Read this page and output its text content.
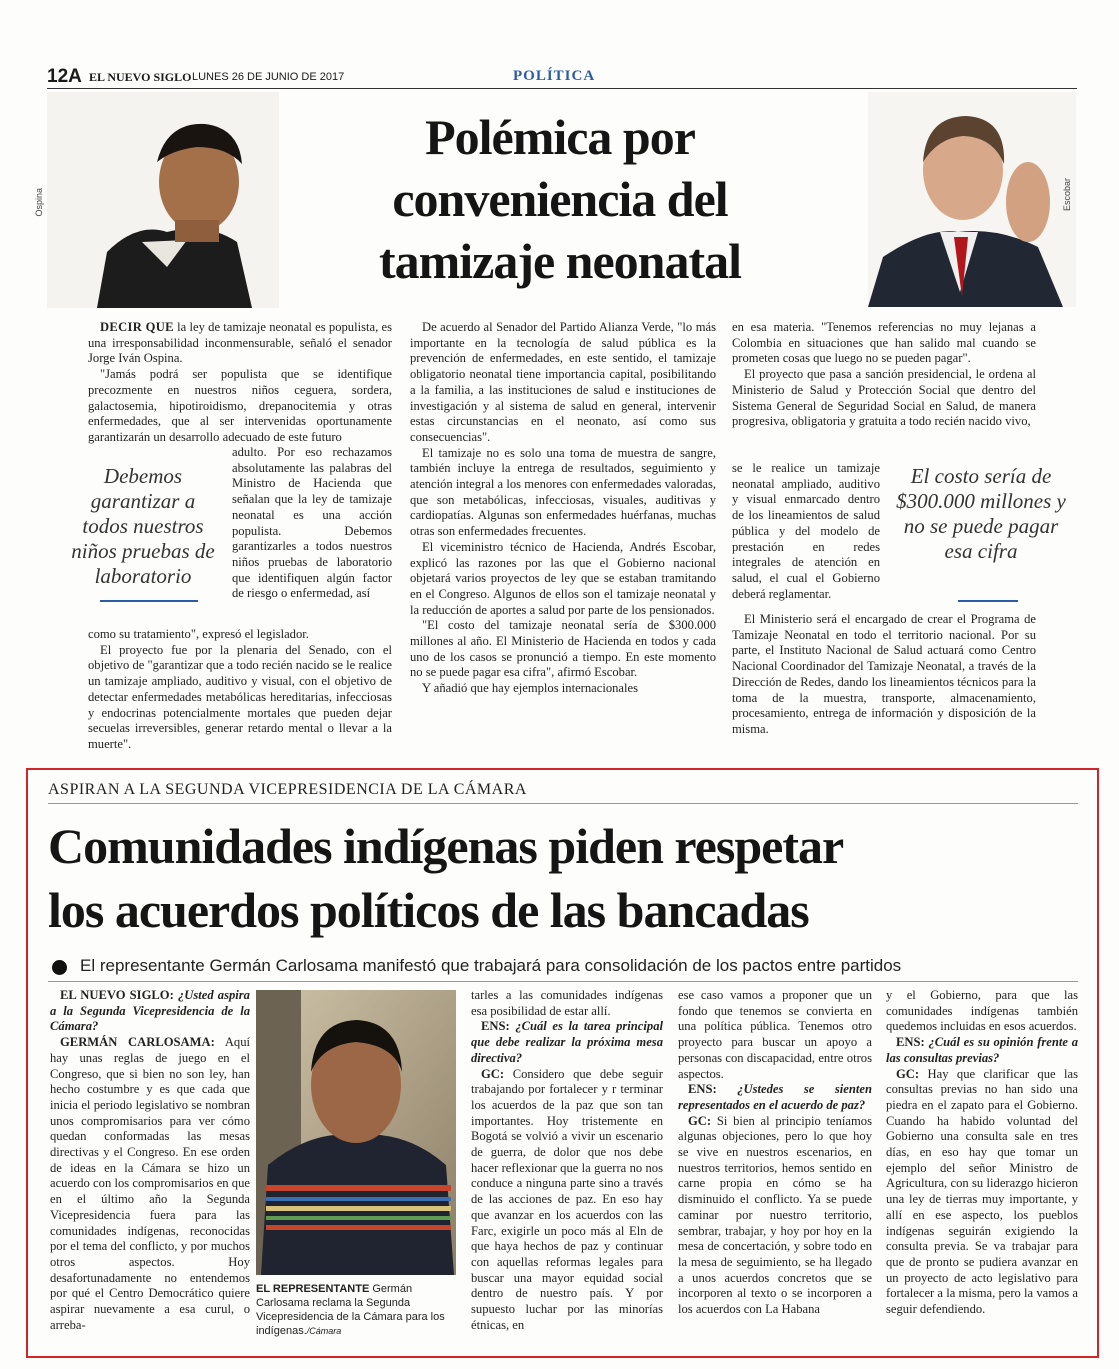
12A EL NUEVO SIGLO LUNES 26 DE JUNIO DE 2017	POLÍTICA
Ospina
Polémica por
conveniencia del
tamizaje neonatal
Escobar

DECIR QUE la ley de tamizaje neonatal es populista, es una irresponsabilidad inconmensurable, señaló el senador Jorge Iván Ospina.

"Jamás podrá ser populista que se identifique precozmente en nuestros niños ceguera, sordera, galactosemia, hipotiroidismo, drepanocitemia y otras enfermedades, que al ser intervenidas oportunamente garantizarán un desarrollo adecuado de este futuro

Debemos garantizar a todos nuestros niños pruebas de laboratorio

adulto. Por eso rechazamos absolutamente las palabras del Ministro de Hacienda que señalan que la ley de tamizaje neonatal es una acción populista. Debemos garantizarles a todos nuestros niños pruebas de laboratorio que identifiquen algún factor de riesgo o enfermedad, así

como su tratamiento", expresó el legislador.

El proyecto fue por la plenaria del Senado, con el objetivo de "garantizar que a todo recién nacido se le realice un tamizaje ampliado, auditivo y visual, con el objetivo de detectar enfermedades metabólicas hereditarias, infecciosas y endocrinas potencialmente mortales que pueden dejar secuelas irreversibles, generar retardo mental o llevar a la muerte".

De acuerdo al Senador del Partido Alianza Verde, "lo más importante en la tecnología de salud pública es la prevención de enfermedades, en este sentido, el tamizaje obligatorio neonatal tiene importancia capital, posibilitando a la familia, a las instituciones de salud e instituciones de investigación y al sistema de salud en general, intervenir estas circunstancias en el neonato, así como sus consecuencias".

El tamizaje no es solo una toma de muestra de sangre, también incluye la entrega de resultados, seguimiento y atención integral a los menores con enfermedades valoradas, que son metabólicas, infecciosas, visuales, auditivas y cardiopatías. Algunas son enfermedades huérfanas, muchas otras son enfermedades frecuentes.

El viceministro técnico de Hacienda, Andrés Escobar, explicó las razones por las que el Gobierno nacional objetará varios proyectos de ley que se estaban tramitando en el Congreso. Algunos de ellos son el tamizaje neonatal y la reducción de aportes a salud por parte de los pensionados.

"El costo del tamizaje neonatal sería de $300.000 millones al año. El Ministerio de Hacienda en todos y cada uno de los casos se pronunció a tiempo. En este momento no se puede pagar esa cifra", afirmó Escobar.

Y añadió que hay ejemplos internacionales

en esa materia. "Tenemos referencias no muy lejanas a Colombia en situaciones que han salido mal cuando se prometen cosas que luego no se pueden pagar".

El proyecto que pasa a sanción presidencial, le ordena al Ministerio de Salud y Protección Social que dentro del Sistema General de Seguridad Social en Salud, de manera progresiva, obligatoria y gratuita a todo recién nacido vivo,

se le realice un tamizaje neonatal ampliado, auditivo y visual enmarcado dentro de los lineamientos de salud pública y del modelo de prestación en redes integrales de atención en salud, el cual el Gobierno deberá reglamentar.

El costo sería de $300.000 millones y no se puede pagar esa cifra

El Ministerio será el encargado de crear el Programa de Tamizaje Neonatal en todo el territorio nacional. Por su parte, el Instituto Nacional de Salud actuará como Centro Nacional Coordinador del Tamizaje Neonatal, a través de la Dirección de Redes, dando los lineamientos técnicos para la toma de la muestra, transporte, almacenamiento, procesamiento, entrega de información y disposición de la misma.

ASPIRAN A LA SEGUNDA VICEPRESIDENCIA DE LA CÁMARA
Comunidades indígenas piden respetar
los acuerdos políticos de las bancadas
El representante Germán Carlosama manifestó que trabajará para consolidación de los pactos entre partidos

EL NUEVO SIGLO: ¿Usted aspira a la Segunda Vicepresidencia de la Cámara?

GERMÁN CARLOSAMA: Aquí hay unas reglas de juego en el Congreso, que si bien no son ley, han hecho costumbre y es que cada que inicia el periodo legislativo se nombran unos compromisarios para ver cómo quedan conformadas las mesas directivas y el Congreso. En ese orden de ideas en la Cámara se hizo un acuerdo con los compromisarios en que en el último año la Segunda Vicepresidencia fuera para las comunidades indígenas, reconocidas por el tema del conflicto, y por muchos otros aspectos. Hoy desafortunadamente no entendemos por qué el Centro Democrático quiere aspirar nuevamente a esa curul, o arreba-

EL REPRESENTANTE Germán Carlosama reclama la Segunda Vicepresidencia de la Cámara para los indígenas./Cámara

tarles a las comunidades indígenas esa posibilidad de estar allí.

ENS: ¿Cuál es la tarea principal que debe realizar la próxima mesa directiva?

GC: Considero que debe seguir trabajando por fortalecer y r terminar los acuerdos de la paz que son tan importantes. Hoy tristemente en Bogotá se volvió a vivir un escenario de guerra, de dolor que nos debe hacer reflexionar que la guerra no nos conduce a ninguna parte sino a través de las acciones de paz. En eso hay que avanzar en los acuerdos con las Farc, exigirle un poco más al Eln de que haya hechos de paz y continuar con aquellas reformas legales para buscar una mayor equidad social dentro de nuestro país. Y por supuesto luchar por las minorías étnicas, en

ese caso vamos a proponer que un fondo que tenemos se convierta en una política pública. Tenemos otro proyecto para buscar un apoyo a personas con discapacidad, entre otros aspectos.

ENS: ¿Ustedes se sienten representados en el acuerdo de paz?

GC: Si bien al principio teníamos algunas objeciones, pero lo que hoy se vive en nuestros escenarios, en nuestros territorios, hemos sentido en carne propia en cómo se ha disminuido el conflicto. Ya se puede caminar por nuestro territorio, sembrar, trabajar, y hoy por hoy en la mesa de concertación, y sobre todo en la mesa de seguimiento, se ha llegado a unos acuerdos concretos que se incorporen al texto o se incorporen a los acuerdos con La Habana

y el Gobierno, para que las comunidades indígenas también quedemos incluidas en esos acuerdos.

ENS: ¿Cuál es su opinión frente a las consultas previas?

GC: Hay que clarificar que las consultas previas no han sido una piedra en el zapato para el Gobierno. Cuando ha habido voluntad del Gobierno una consulta sale en tres días, en eso hay que tomar un ejemplo del señor Ministro de Agricultura, con su liderazgo hicieron una ley de tierras muy importante, y allí en ese aspecto, los pueblos indígenas seguirán exigiendo la consulta previa. Se va trabajar para que de pronto se pudiera avanzar en un proyecto de acto legislativo para fortalecer a la misma, pero la vamos a seguir defendiendo.
